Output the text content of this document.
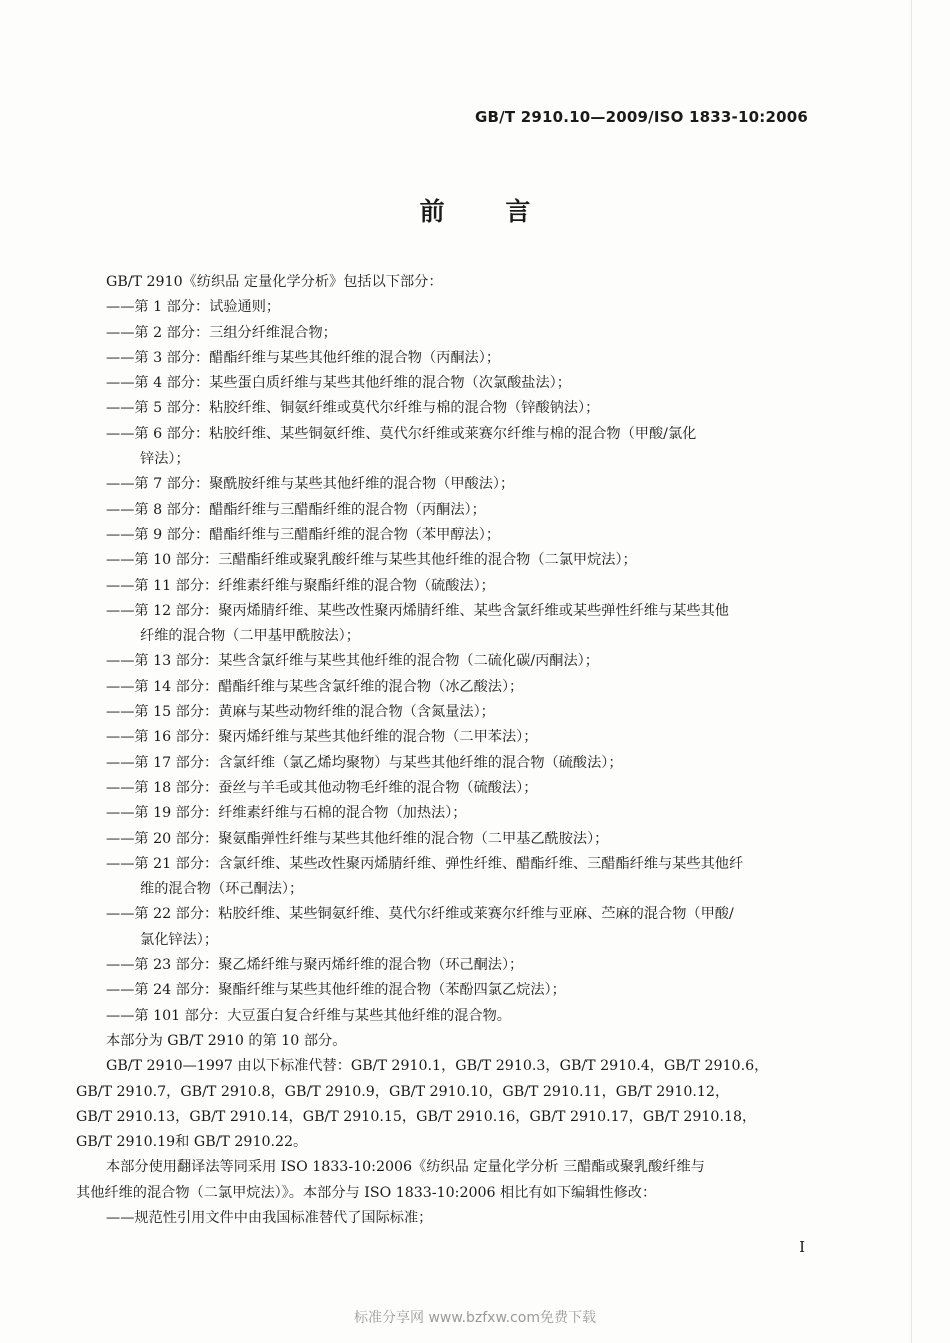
GB/T 2910.10—2009/ISO 1833-10:2006
前 言
GB/T 2910《纺织品 定量化学分析》包括以下部分：
——第 1 部分：试验通则；
——第 2 部分：三组分纤维混合物；
——第 3 部分：醋酯纤维与某些其他纤维的混合物（丙酮法）；
——第 4 部分：某些蛋白质纤维与某些其他纤维的混合物（次氯酸盐法）；
——第 5 部分：粘胶纤维、铜氨纤维或莫代尔纤维与棉的混合物（锌酸钠法）；
——第 6 部分：粘胶纤维、某些铜氨纤维、莫代尔纤维或莱赛尔纤维与棉的混合物（甲酸/氯化
锌法）；
——第 7 部分：聚酰胺纤维与某些其他纤维的混合物（甲酸法）；
——第 8 部分：醋酯纤维与三醋酯纤维的混合物（丙酮法）；
——第 9 部分：醋酯纤维与三醋酯纤维的混合物（苯甲醇法）；
——第 10 部分：三醋酯纤维或聚乳酸纤维与某些其他纤维的混合物（二氯甲烷法）；
——第 11 部分：纤维素纤维与聚酯纤维的混合物（硫酸法）；
——第 12 部分：聚丙烯腈纤维、某些改性聚丙烯腈纤维、某些含氯纤维或某些弹性纤维与某些其他
纤维的混合物（二甲基甲酰胺法）；
——第 13 部分：某些含氯纤维与某些其他纤维的混合物（二硫化碳/丙酮法）；
——第 14 部分：醋酯纤维与某些含氯纤维的混合物（冰乙酸法）；
——第 15 部分：黄麻与某些动物纤维的混合物（含氮量法）；
——第 16 部分：聚丙烯纤维与某些其他纤维的混合物（二甲苯法）；
——第 17 部分：含氯纤维（氯乙烯均聚物）与某些其他纤维的混合物（硫酸法）；
——第 18 部分：蚕丝与羊毛或其他动物毛纤维的混合物（硫酸法）；
——第 19 部分：纤维素纤维与石棉的混合物（加热法）；
——第 20 部分：聚氨酯弹性纤维与某些其他纤维的混合物（二甲基乙酰胺法）；
——第 21 部分：含氯纤维、某些改性聚丙烯腈纤维、弹性纤维、醋酯纤维、三醋酯纤维与某些其他纤
维的混合物（环己酮法）；
——第 22 部分：粘胶纤维、某些铜氨纤维、莫代尔纤维或莱赛尔纤维与亚麻、苎麻的混合物（甲酸/
氯化锌法）；
——第 23 部分：聚乙烯纤维与聚丙烯纤维的混合物（环己酮法）；
——第 24 部分：聚酯纤维与某些其他纤维的混合物（苯酚四氯乙烷法）；
——第 101 部分：大豆蛋白复合纤维与某些其他纤维的混合物。
本部分为 GB/T 2910 的第 10 部分。
GB/T 2910—1997 由以下标准代替：GB/T 2910.1，GB/T 2910.3，GB/T 2910.4，GB/T 2910.6，
GB/T 2910.7，GB/T 2910.8，GB/T 2910.9，GB/T 2910.10，GB/T 2910.11，GB/T 2910.12，
GB/T 2910.13，GB/T 2910.14，GB/T 2910.15，GB/T 2910.16，GB/T 2910.17，GB/T 2910.18，
GB/T 2910.19和 GB/T 2910.22。
本部分使用翻译法等同采用 ISO 1833-10:2006《纺织品 定量化学分析 三醋酯或聚乳酸纤维与
其他纤维的混合物（二氯甲烷法）》。本部分与 ISO 1833-10:2006 相比有如下编辑性修改：
——规范性引用文件中由我国标准替代了国际标准；
I
标准分享网 www.bzfxw.com免费下载
